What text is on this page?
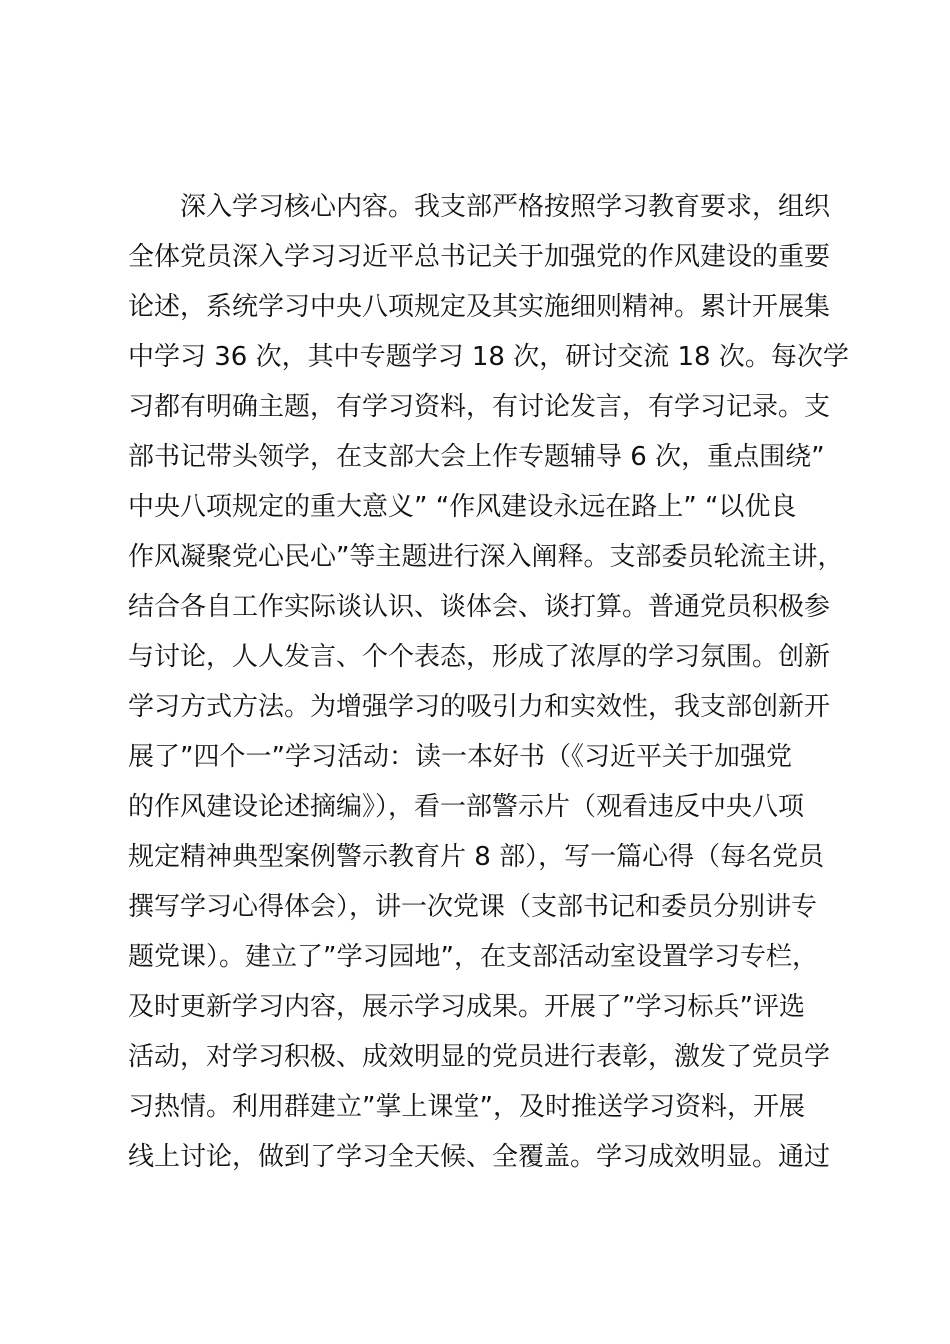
深入学习核心内容。我支部严格按照学习教育要求，组织
全体党员深入学习习近平总书记关于加强党的作风建设的重要
论述，系统学习中央八项规定及其实施细则精神。累计开展集
中学习 36 次，其中专题学习 18 次，研讨交流 18 次。每次学
习都有明确主题，有学习资料，有讨论发言，有学习记录。支
部书记带头领学，在支部大会上作专题辅导 6 次，重点围绕”
中央八项规定的重大意义” “作风建设永远在路上” “以优良
作风凝聚党心民心”等主题进行深入阐释。支部委员轮流主讲，
结合各自工作实际谈认识、谈体会、谈打算。普通党员积极参
与讨论，人人发言、个个表态，形成了浓厚的学习氛围。创新
学习方式方法。为增强学习的吸引力和实效性，我支部创新开
展了”四个一”学习活动：读一本好书（《习近平关于加强党
的作风建设论述摘编》），看一部警示片（观看违反中央八项
规定精神典型案例警示教育片 8 部），写一篇心得（每名党员
撰写学习心得体会），讲一次党课（支部书记和委员分别讲专
题党课）。建立了”学习园地”，在支部活动室设置学习专栏，
及时更新学习内容，展示学习成果。开展了”学习标兵”评选
活动，对学习积极、成效明显的党员进行表彰，激发了党员学
习热情。利用群建立”掌上课堂”，及时推送学习资料，开展
线上讨论，做到了学习全天候、全覆盖。学习成效明显。通过
